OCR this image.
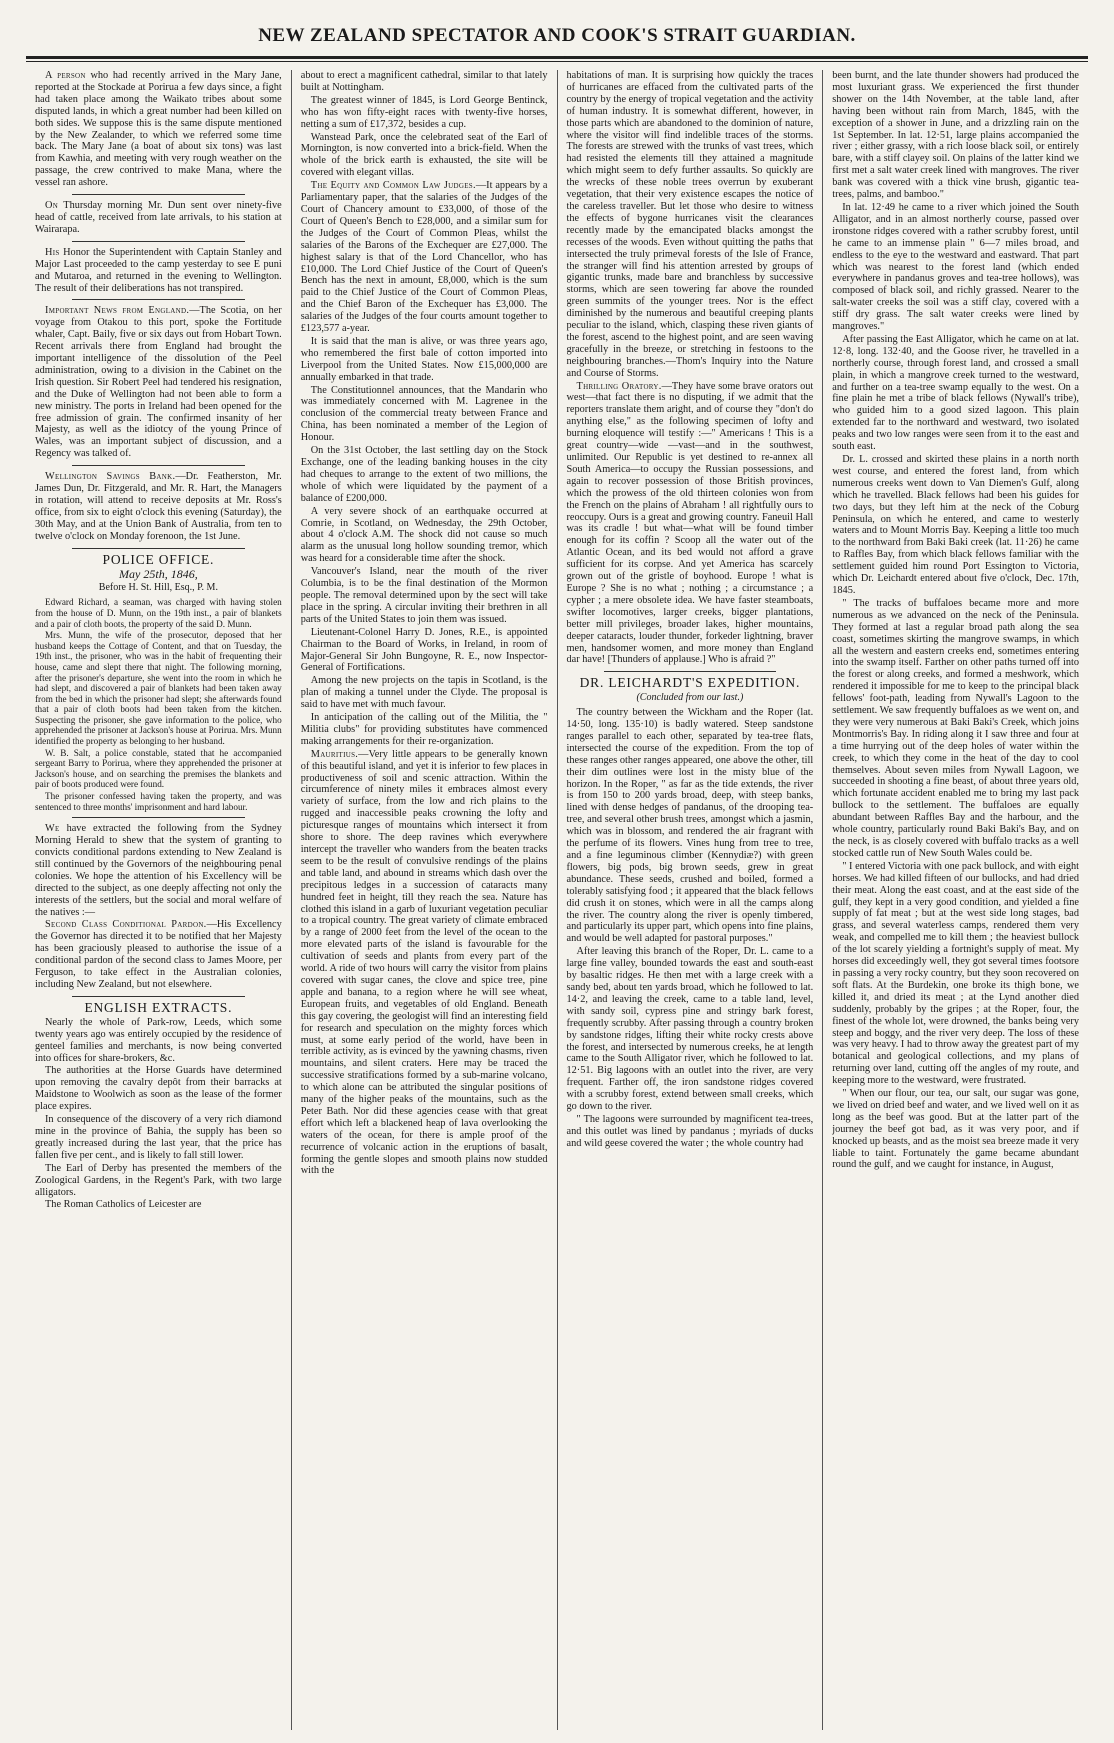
NEW ZEALAND SPECTATOR AND COOK'S STRAIT GUARDIAN.

A person who had recently arrived in the Mary Jane, reported at the Stockade at Porirua a few days since, a fight had taken place among the Waikato tribes about some disputed lands, in which a great number had been killed on both sides. We suppose this is the same dispute mentioned by the New Zealander, to which we referred some time back. The Mary Jane (a boat of about six tons) was last from Kawhia, and meeting with very rough weather on the passage, the crew contrived to make Mana, where the vessel ran ashore.

On Thursday morning Mr. Dun sent over ninety-five head of cattle, received from late arrivals, to his station at Wairarapa.

His Honor the Superintendent with Captain Stanley and Major Last proceeded to the camp yesterday to see E puni and Mutaroa, and returned in the evening to Wellington. The result of their deliberations has not transpired.

Important News from England.—The Scotia, on her voyage from Otakou to this port, spoke the Fortitude whaler, Capt. Baily, five or six days out from Hobart Town. Recent arrivals there from England had brought the important intelligence of the dissolution of the Peel administration, owing to a division in the Cabinet on the Irish question. Sir Robert Peel had tendered his resignation, and the Duke of Wellington had not been able to form a new ministry. The ports in Ireland had been opened for the free admission of grain. The confirmed insanity of her Majesty, as well as the idiotcy of the young Prince of Wales, was an important subject of discussion, and a Regency was talked of.

Wellington Savings Bank.—Dr. Featherston, Mr. James Dun, Dr. Fitzgerald, and Mr. R. Hart, the Managers in rotation, will attend to receive deposits at Mr. Ross's office, from six to eight o'clock this evening (Saturday), the 30th May, and at the Union Bank of Australia, from ten to twelve o'clock on Monday forenoon, the 1st June.

POLICE OFFICE.

May 25th, 1846,

Before H. St. Hill, Esq., P. M.

Edward Richard, a seaman, was charged with having stolen from the house of D. Munn, on the 19th inst., a pair of blankets and a pair of cloth boots, the property of the said D. Munn.

Mrs. Munn, the wife of the prosecutor, deposed that her husband keeps the Cottage of Content, and that on Tuesday, the 19th inst., the prisoner, who was in the habit of frequenting their house, came and slept there that night. The following morning, after the prisoner's departure, she went into the room in which he had slept, and discovered a pair of blankets had been taken away from the bed in which the prisoner had slept; she afterwards found that a pair of cloth boots had been taken from the kitchen. Suspecting the prisoner, she gave information to the police, who apprehended the prisoner at Jackson's house at Porirua. Mrs. Munn identified the property as belonging to her husband.

W. B. Salt, a police constable, stated that he accompanied sergeant Barry to Porirua, where they apprehended the prisoner at Jackson's house, and on searching the premises the blankets and pair of boots produced were found.

The prisoner confessed having taken the property, and was sentenced to three months' imprisonment and hard labour.

We have extracted the following from the Sydney Morning Herald to shew that the system of granting to convicts conditional pardons extending to New Zealand is still continued by the Governors of the neighbouring penal colonies. We hope the attention of his Excellency will be directed to the subject, as one deeply affecting not only the interests of the settlers, but the social and moral welfare of the natives :—

Second Class Conditional Pardon.—His Excellency the Governor has directed it to be notified that her Majesty has been graciously pleased to authorise the issue of a conditional pardon of the second class to James Moore, per Ferguson, to take effect in the Australian colonies, including New Zealand, but not elsewhere.

ENGLISH EXTRACTS.

Nearly the whole of Park-row, Leeds, which some twenty years ago was entirely occupied by the residence of genteel families and merchants, is now being converted into offices for share-brokers, &c.

The authorities at the Horse Guards have determined upon removing the cavalry depôt from their barracks at Maidstone to Woolwich as soon as the lease of the former place expires.

In consequence of the discovery of a very rich diamond mine in the province of Bahia, the supply has been so greatly increased during the last year, that the price has fallen five per cent., and is likely to fall still lower.

The Earl of Derby has presented the members of the Zoological Gardens, in the Regent's Park, with two large alligators.

The Roman Catholics of Leicester are

about to erect a magnificent cathedral, similar to that lately built at Nottingham.

The greatest winner of 1845, is Lord George Bentinck, who has won fifty-eight races with twenty-five horses, netting a sum of £17,372, besides a cup.

Wanstead Park, once the celebrated seat of the Earl of Mornington, is now converted into a brick-field. When the whole of the brick earth is exhausted, the site will be covered with elegant villas.

The Equity and Common Law Judges.—It appears by a Parliamentary paper, that the salaries of the Judges of the Court of Chancery amount to £33,000, of those of the Court of Queen's Bench to £28,000, and a similar sum for the Judges of the Court of Common Pleas, whilst the salaries of the Barons of the Exchequer are £27,000. The highest salary is that of the Lord Chancellor, who has £10,000. The Lord Chief Justice of the Court of Queen's Bench has the next in amount, £8,000, which is the sum paid to the Chief Justice of the Court of Common Pleas, and the Chief Baron of the Exchequer has £3,000. The salaries of the Judges of the four courts amount together to £123,577 a-year.

It is said that the man is alive, or was three years ago, who remembered the first bale of cotton imported into Liverpool from the United States. Now £15,000,000 are annually embarked in that trade.

The Constitutionnel announces, that the Mandarin who was immediately concerned with M. Lagrenee in the conclusion of the commercial treaty between France and China, has been nominated a member of the Legion of Honour.

On the 31st October, the last settling day on the Stock Exchange, one of the leading banking houses in the city had cheques to arrange to the extent of two millions, the whole of which were liquidated by the payment of a balance of £200,000.

A very severe shock of an earthquake occurred at Comrie, in Scotland, on Wednesday, the 29th October, about 4 o'clock A.M. The shock did not cause so much alarm as the unusual long hollow sounding tremor, which was heard for a considerable time after the shock.

Vancouver's Island, near the mouth of the river Columbia, is to be the final destination of the Mormon people. The removal determined upon by the sect will take place in the spring. A circular inviting their brethren in all parts of the United States to join them was issued.

Lieutenant-Colonel Harry D. Jones, R.E., is appointed Chairman to the Board of Works, in Ireland, in room of Major-General Sir John Bungoyne, R. E., now Inspector-General of Fortifications.

Among the new projects on the tapis in Scotland, is the plan of making a tunnel under the Clyde. The proposal is said to have met with much favour.

In anticipation of the calling out of the Militia, the " Militia clubs" for providing substitutes have commenced making arrangements for their re-organization.

Mauritius.—Very little appears to be generally known of this beautiful island, and yet it is inferior to few places in productiveness of soil and scenic attraction. Within the circumference of ninety miles it embraces almost every variety of surface, from the low and rich plains to the rugged and inaccessible peaks crowning the lofty and picturesque ranges of mountains which intersect it from shore to shore. The deep ravines which everywhere intercept the traveller who wanders from the beaten tracks seem to be the result of convulsive rendings of the plains and table land, and abound in streams which dash over the precipitous ledges in a succession of cataracts many hundred feet in height, till they reach the sea. Nature has clothed this island in a garb of luxuriant vegetation peculiar to a tropical country. The great variety of climate embraced by a range of 2000 feet from the level of the ocean to the more elevated parts of the island is favourable for the cultivation of seeds and plants from every part of the world. A ride of two hours will carry the visitor from plains covered with sugar canes, the clove and spice tree, pine apple and banana, to a region where he will see wheat, European fruits, and vegetables of old England. Beneath this gay covering, the geologist will find an interesting field for research and speculation on the mighty forces which must, at some early period of the world, have been in terrible activity, as is evinced by the yawning chasms, riven mountains, and silent craters. Here may be traced the successive stratifications formed by a sub-marine volcano, to which alone can be attributed the singular positions of many of the higher peaks of the mountains, such as the Peter Bath. Nor did these agencies cease with that great effort which left a blackened heap of lava overlooking the waters of the ocean, for there is ample proof of the recurrence of volcanic action in the eruptions of basalt, forming the gentle slopes and smooth plains now studded with the

habitations of man. It is surprising how quickly the traces of hurricanes are effaced from the cultivated parts of the country by the energy of tropical vegetation and the activity of human industry. It is somewhat different, however, in those parts which are abandoned to the dominion of nature, where the visitor will find indelible traces of the storms. The forests are strewed with the trunks of vast trees, which had resisted the elements till they attained a magnitude which might seem to defy further assaults. So quickly are the wrecks of these noble trees overrun by exuberant vegetation, that their very existence escapes the notice of the careless traveller. But let those who desire to witness the effects of bygone hurricanes visit the clearances recently made by the emancipated blacks amongst the recesses of the woods. Even without quitting the paths that intersected the truly primeval forests of the Isle of France, the stranger will find his attention arrested by groups of gigantic trunks, made bare and branchless by successive storms, which are seen towering far above the rounded green summits of the younger trees. Nor is the effect diminished by the numerous and beautiful creeping plants peculiar to the island, which, clasping these riven giants of the forest, ascend to the highest point, and are seen waving gracefully in the breeze, or stretching in festoons to the neighbouring branches.—Thom's Inquiry into the Nature and Course of Storms.

Thrilling Oratory.—They have some brave orators out west—that fact there is no disputing, if we admit that the reporters translate them aright, and of course they "don't do anything else," as the following specimen of lofty and burning eloquence will testify :—" Americans ! This is a great country—wide —vast—and in the southwest, unlimited. Our Republic is yet destined to re-annex all South America—to occupy the Russian possessions, and again to recover possession of those British provinces, which the prowess of the old thirteen colonies won from the French on the plains of Abraham ! all rightfully ours to reoccupy. Ours is a great and growing country. Faneuil Hall was its cradle ! but what—what will be found timber enough for its coffin ? Scoop all the water out of the Atlantic Ocean, and its bed would not afford a grave sufficient for its corpse. And yet America has scarcely grown out of the gristle of boyhood. Europe ! what is Europe ? She is no what ; nothing ; a circumstance ; a cypher ; a mere obsolete idea. We have faster steamboats, swifter locomotives, larger creeks, bigger plantations, better mill privileges, broader lakes, higher mountains, deeper cataracts, louder thunder, forkeder lightning, braver men, handsomer women, and more money than England dar have! [Thunders of applause.] Who is afraid ?"

DR. LEICHARDT'S EXPEDITION.

(Concluded from our last.)

The country between the Wickham and the Roper (lat. 14·50, long. 135·10) is badly watered. Steep sandstone ranges parallel to each other, separated by tea-tree flats, intersected the course of the expedition. From the top of these ranges other ranges appeared, one above the other, till their dim outlines were lost in the misty blue of the horizon. In the Roper, " as far as the tide extends, the river is from 150 to 200 yards broad, deep, with steep banks, lined with dense hedges of pandanus, of the drooping tea-tree, and several other brush trees, amongst which a jasmin, which was in blossom, and rendered the air fragrant with the perfume of its flowers. Vines hung from tree to tree, and a fine leguminous climber (Kennydiæ?) with green flowers, big pods, big brown seeds, grew in great abundance. These seeds, crushed and boiled, formed a tolerably satisfying food ; it appeared that the black fellows did crush it on stones, which were in all the camps along the river. The country along the river is openly timbered, and particularly its upper part, which opens into fine plains, and would be well adapted for pastoral purposes."

After leaving this branch of the Roper, Dr. L. came to a large fine valley, bounded towards the east and south-east by basaltic ridges. He then met with a large creek with a sandy bed, about ten yards broad, which he followed to lat. 14·2, and leaving the creek, came to a table land, level, with sandy soil, cypress pine and stringy bark forest, frequently scrubby. After passing through a country broken by sandstone ridges, lifting their white rocky crests above the forest, and intersected by numerous creeks, he at length came to the South Alligator river, which he followed to lat. 12·51. Big lagoons with an outlet into the river, are very frequent. Farther off, the iron sandstone ridges covered with a scrubby forest, extend between small creeks, which go down to the river.

" The lagoons were surrounded by magnificent tea-trees, and this outlet was lined by pandanus ; myriads of ducks and wild geese covered the water ; the whole country had

been burnt, and the late thunder showers had produced the most luxuriant grass. We experienced the first thunder shower on the 14th November, at the table land, after having been without rain from March, 1845, with the exception of a shower in June, and a drizzling rain on the 1st September. In lat. 12·51, large plains accompanied the river ; either grassy, with a rich loose black soil, or entirely bare, with a stiff clayey soil. On plains of the latter kind we first met a salt water creek lined with mangroves. The river bank was covered with a thick vine brush, gigantic tea-trees, palms, and bamboo."

In lat. 12·49 he came to a river which joined the South Alligator, and in an almost northerly course, passed over ironstone ridges covered with a rather scrubby forest, until he came to an immense plain " 6—7 miles broad, and endless to the eye to the westward and eastward. That part which was nearest to the forest land (which ended everywhere in pandanus groves and tea-tree hollows), was composed of black soil, and richly grassed. Nearer to the salt-water creeks the soil was a stiff clay, covered with a stiff dry grass. The salt water creeks were lined by mangroves."

After passing the East Alligator, which he came on at lat. 12·8, long. 132·40, and the Goose river, he travelled in a northerly course, through forest land, and crossed a small plain, in which a mangrove creek turned to the westward, and further on a tea-tree swamp equally to the west. On a fine plain he met a tribe of black fellows (Nywall's tribe), who guided him to a good sized lagoon. This plain extended far to the northward and westward, two isolated peaks and two low ranges were seen from it to the east and south east.

Dr. L. crossed and skirted these plains in a north north west course, and entered the forest land, from which numerous creeks went down to Van Diemen's Gulf, along which he travelled. Black fellows had been his guides for two days, but they left him at the neck of the Coburg Peninsula, on which he entered, and came to westerly waters and to Mount Morris Bay. Keeping a little too much to the northward from Baki Baki creek (lat. 11·26) he came to Raffles Bay, from which black fellows familiar with the settlement guided him round Port Essington to Victoria, which Dr. Leichardt entered about five o'clock, Dec. 17th, 1845.

" The tracks of buffaloes became more and more numerous as we advanced on the neck of the Peninsula. They formed at last a regular broad path along the sea coast, sometimes skirting the mangrove swamps, in which all the western and eastern creeks end, sometimes entering into the swamp itself. Farther on other paths turned off into the forest or along creeks, and formed a meshwork, which rendered it impossible for me to keep to the principal black fellows' foot-path, leading from Nywall's Lagoon to the settlement. We saw frequently buffaloes as we went on, and they were very numerous at Baki Baki's Creek, which joins Montmorris's Bay. In riding along it I saw three and four at a time hurrying out of the deep holes of water within the creek, to which they come in the heat of the day to cool themselves. About seven miles from Nywall Lagoon, we succeeded in shooting a fine beast, of about three years old, which fortunate accident enabled me to bring my last pack bullock to the settlement. The buffaloes are equally abundant between Raffles Bay and the harbour, and the whole country, particularly round Baki Baki's Bay, and on the neck, is as closely covered with buffalo tracks as a well stocked cattle run of New South Wales could be.

" I entered Victoria with one pack bullock, and with eight horses. We had killed fifteen of our bullocks, and had dried their meat. Along the east coast, and at the east side of the gulf, they kept in a very good condition, and yielded a fine supply of fat meat ; but at the west side long stages, bad grass, and several waterless camps, rendered them very weak, and compelled me to kill them ; the heaviest bullock of the lot scarely yielding a fortnight's supply of meat. My horses did exceedingly well, they got several times footsore in passing a very rocky country, but they soon recovered on soft flats. At the Burdekin, one broke its thigh bone, we killed it, and dried its meat ; at the Lynd another died suddenly, probably by the gripes ; at the Roper, four, the finest of the whole lot, were drowned, the banks being very steep and boggy, and the river very deep. The loss of these was very heavy. I had to throw away the greatest part of my botanical and geological collections, and my plans of returning over land, cutting off the angles of my route, and keeping more to the westward, were frustrated.

" When our flour, our tea, our salt, our sugar was gone, we lived on dried beef and water, and we lived well on it as long as the beef was good. But at the latter part of the journey the beef got bad, as it was very poor, and if knocked up beasts, and as the moist sea breeze made it very liable to taint. Fortunately the game became abundant round the gulf, and we caught for instance, in August,
